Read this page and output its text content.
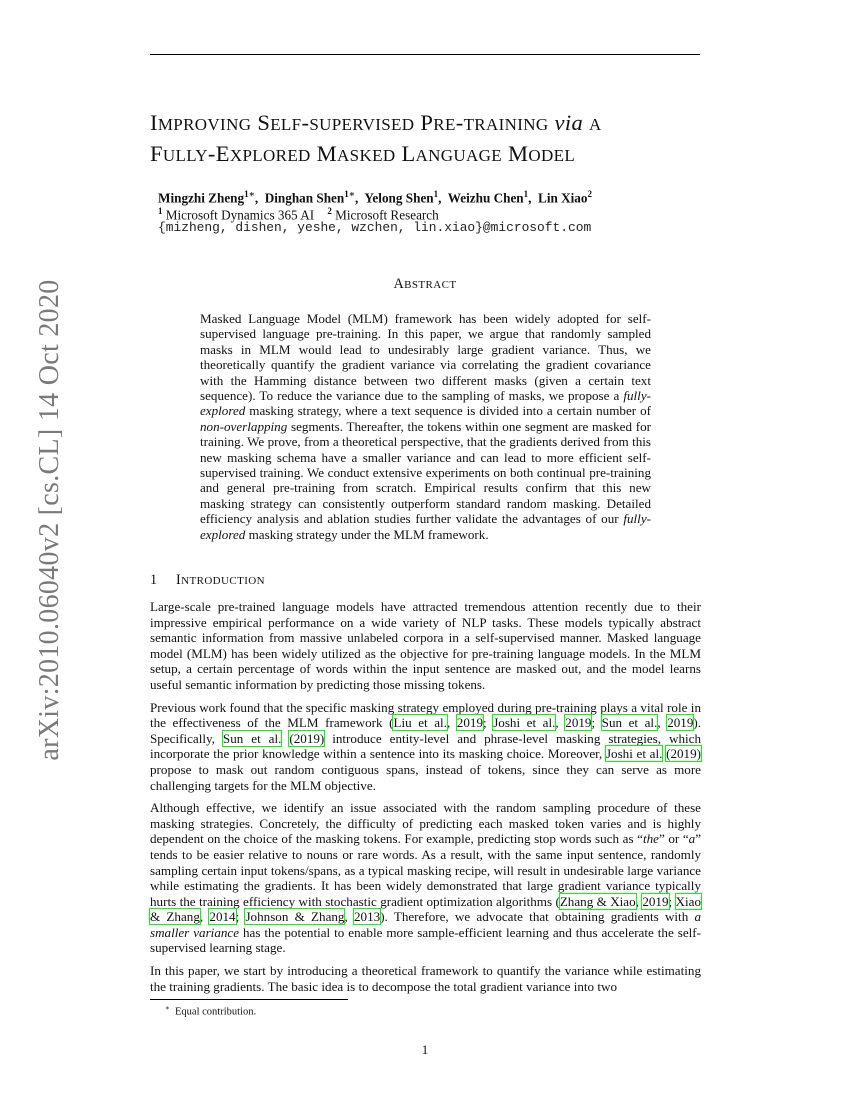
arXiv:2010.06040v2 [cs.CL] 14 Oct 2020
IMPROVING SELF-SUPERVISED PRE-TRAINING via A
FULLY-EXPLORED MASKED LANGUAGE MODEL
Mingzhi Zheng$^{1∗}$, Dinghan Shen$^{1∗}$, Yelong Shen$^1$, Weizhu Chen$^1$, Lin Xiao$^2$
$^1$ Microsoft Dynamics 365 AI $^2$ Microsoft Research
{mizheng, dishen, yeshe, wzchen, lin.xiao}@microsoft.com
ABSTRACT
Masked Language Model (MLM) framework has been widely adopted for self-supervised language pre-training. In this paper, we argue that randomly sampled masks in MLM would lead to undesirably large gradient variance. Thus, we theoretically quantify the gradient variance via correlating the gradient covariance with the Hamming distance between two different masks (given a certain text sequence). To reduce the variance due to the sampling of masks, we propose a fully-explored masking strategy, where a text sequence is divided into a certain number of non-overlapping segments. Thereafter, the tokens within one segment are masked for training. We prove, from a theoretical perspective, that the gradients derived from this new masking schema have a smaller variance and can lead to more efficient self-supervised training. We conduct extensive experiments on both continual pre-training and general pre-training from scratch. Empirical results confirm that this new masking strategy can consistently outperform standard random masking. Detailed efficiency analysis and ablation studies further validate the advantages of our fully-explored masking strategy under the MLM framework.
1 INTRODUCTION

Large-scale pre-trained language models have attracted tremendous attention recently due to their impressive empirical performance on a wide variety of NLP tasks. These models typically abstract semantic information from massive unlabeled corpora in a self-supervised manner. Masked language model (MLM) has been widely utilized as the objective for pre-training language models. In the MLM setup, a certain percentage of words within the input sentence are masked out, and the model learns useful semantic information by predicting those missing tokens.

Previous work found that the specific masking strategy employed during pre-training plays a vital role in the effectiveness of the MLM framework (Liu et al., 2019; Joshi et al., 2019; Sun et al., 2019). Specifically, Sun et al. (2019) introduce entity-level and phrase-level masking strategies, which incorporate the prior knowledge within a sentence into its masking choice. Moreover, Joshi et al. (2019) propose to mask out random contiguous spans, instead of tokens, since they can serve as more challenging targets for the MLM objective.

Although effective, we identify an issue associated with the random sampling procedure of these masking strategies. Concretely, the difficulty of predicting each masked token varies and is highly dependent on the choice of the masking tokens. For example, predicting stop words such as “the” or “a” tends to be easier relative to nouns or rare words. As a result, with the same input sentence, randomly sampling certain input tokens/spans, as a typical masking recipe, will result in undesirable large variance while estimating the gradients. It has been widely demonstrated that large gradient variance typically hurts the training efficiency with stochastic gradient optimization algorithms (Zhang & Xiao, 2019; Xiao & Zhang, 2014; Johnson & Zhang, 2013). Therefore, we advocate that obtaining gradients with a smaller variance has the potential to enable more sample-efficient learning and thus accelerate the self-supervised learning stage.

In this paper, we start by introducing a theoretical framework to quantify the variance while estimating the training gradients. The basic idea is to decompose the total gradient variance into two

∗ Equal contribution.
1
